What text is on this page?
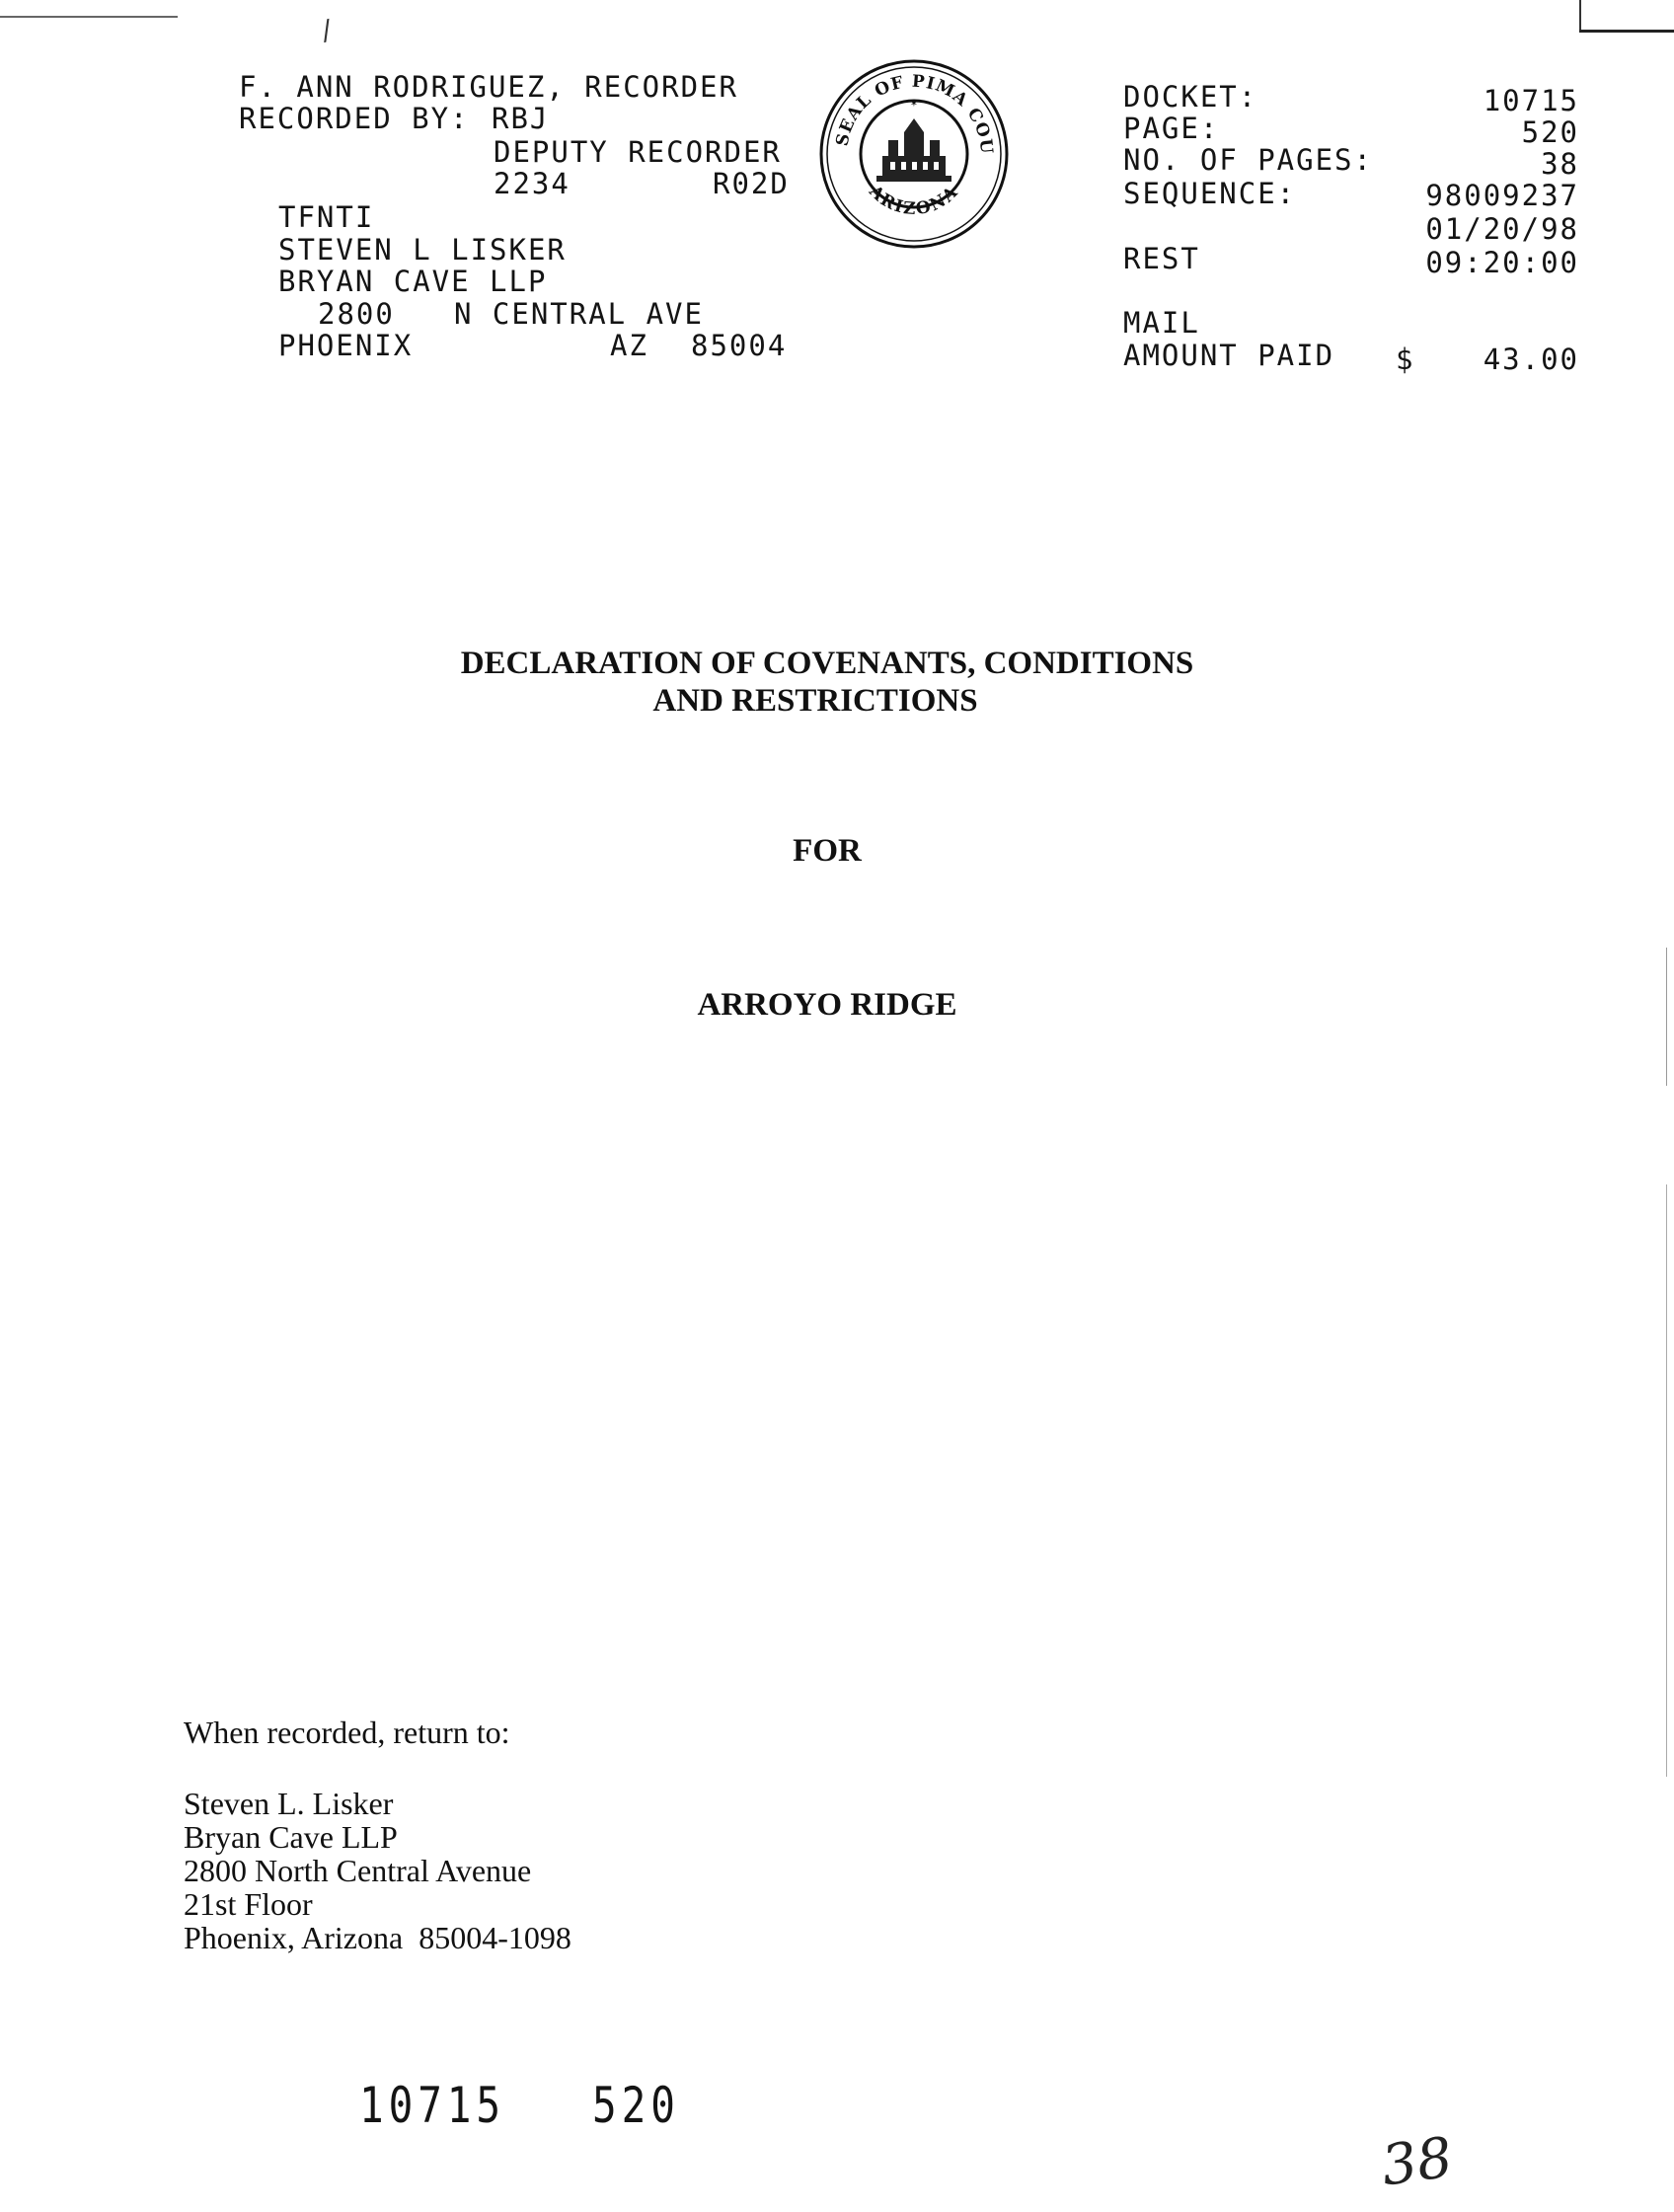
/
F. ANN RODRIGUEZ, RECORDER
RECORDED BY: RBJ
DEPUTY RECORDER
2234	R02D
TFNTI
STEVEN L LISKER
BRYAN CAVE LLP
2800 N CENTRAL AVE
PHOENIX	AZ 85004
SEAL OF PIMA COU
ARIZONA
✶	DOCKET:	10715
PAGE:	520
NO. OF PAGES:	38
SEQUENCE:	98009237
01/20/98
REST	09:20:00
MAIL
AMOUNT PAID $	43.00
DECLARATION OF COVENANTS, CONDITIONS
AND RESTRICTIONS
FOR
ARROYO RIDGE
When recorded, return to:
Steven L. Lisker
Bryan Cave LLP
2800 North Central Avenue
21st Floor
Phoenix, Arizona  85004-1098
10715 520
38
